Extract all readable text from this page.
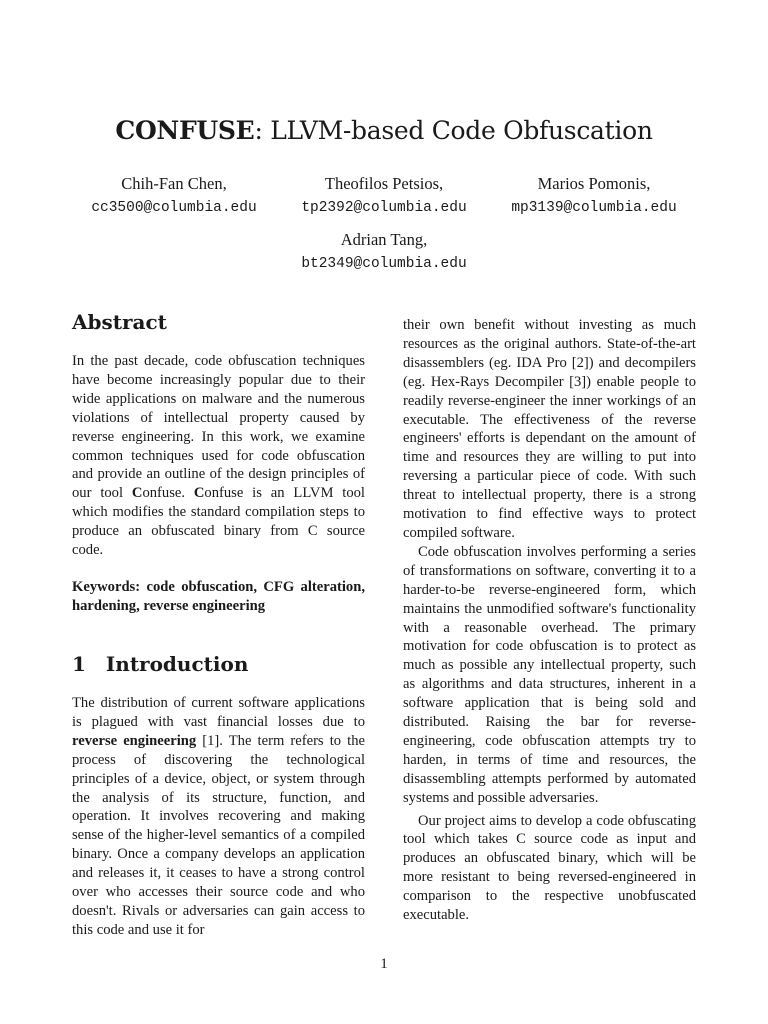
CONFUSE: LLVM-based Code Obfuscation
Chih-Fan Chen,
cc3500@columbia.edu
Theofilos Petsios,
tp2392@columbia.edu
Marios Pomonis,
mp3139@columbia.edu
Adrian Tang,
bt2349@columbia.edu
Abstract

In the past decade, code obfuscation techniques have become increasingly popular due to their wide applications on malware and the numerous violations of intellectual property caused by reverse engineering. In this work, we examine common techniques used for code obfuscation and provide an outline of the design principles of our tool Confuse. Confuse is an LLVM tool which modifies the standard compilation steps to produce an obfuscated binary from C source code.

Keywords: code obfuscation, CFG alteration, hardening, reverse engineering

1 Introduction

The distribution of current software applications is plagued with vast financial losses due to reverse engineering [1]. The term refers to the process of discovering the technological principles of a device, object, or system through the analysis of its structure, function, and operation. It involves recovering and making sense of the higher-level semantics of a compiled binary. Once a company develops an application and releases it, it ceases to have a strong control over who accesses their source code and who doesn't. Rivals or adversaries can gain access to this code and use it for

their own benefit without investing as much resources as the original authors. State-of-the-art disassemblers (eg. IDA Pro [2]) and decompilers (eg. Hex-Rays Decompiler [3]) enable people to readily reverse-engineer the inner workings of an executable. The effectiveness of the reverse engineers' efforts is dependant on the amount of time and resources they are willing to put into reversing a particular piece of code. With such threat to intellectual property, there is a strong motivation to find effective ways to protect compiled software.

Code obfuscation involves performing a series of transformations on software, converting it to a harder-to-be reverse-engineered form, which maintains the unmodified software's functionality with a reasonable overhead. The primary motivation for code obfuscation is to protect as much as possible any intellectual property, such as algorithms and data structures, inherent in a software application that is being sold and distributed. Raising the bar for reverse-engineering, code obfuscation attempts try to harden, in terms of time and resources, the disassembling attempts performed by automated systems and possible adversaries.

Our project aims to develop a code obfuscating tool which takes C source code as input and produces an obfuscated binary, which will be more resistant to being reversed-engineered in comparison to the respective unobfuscated executable.

1
